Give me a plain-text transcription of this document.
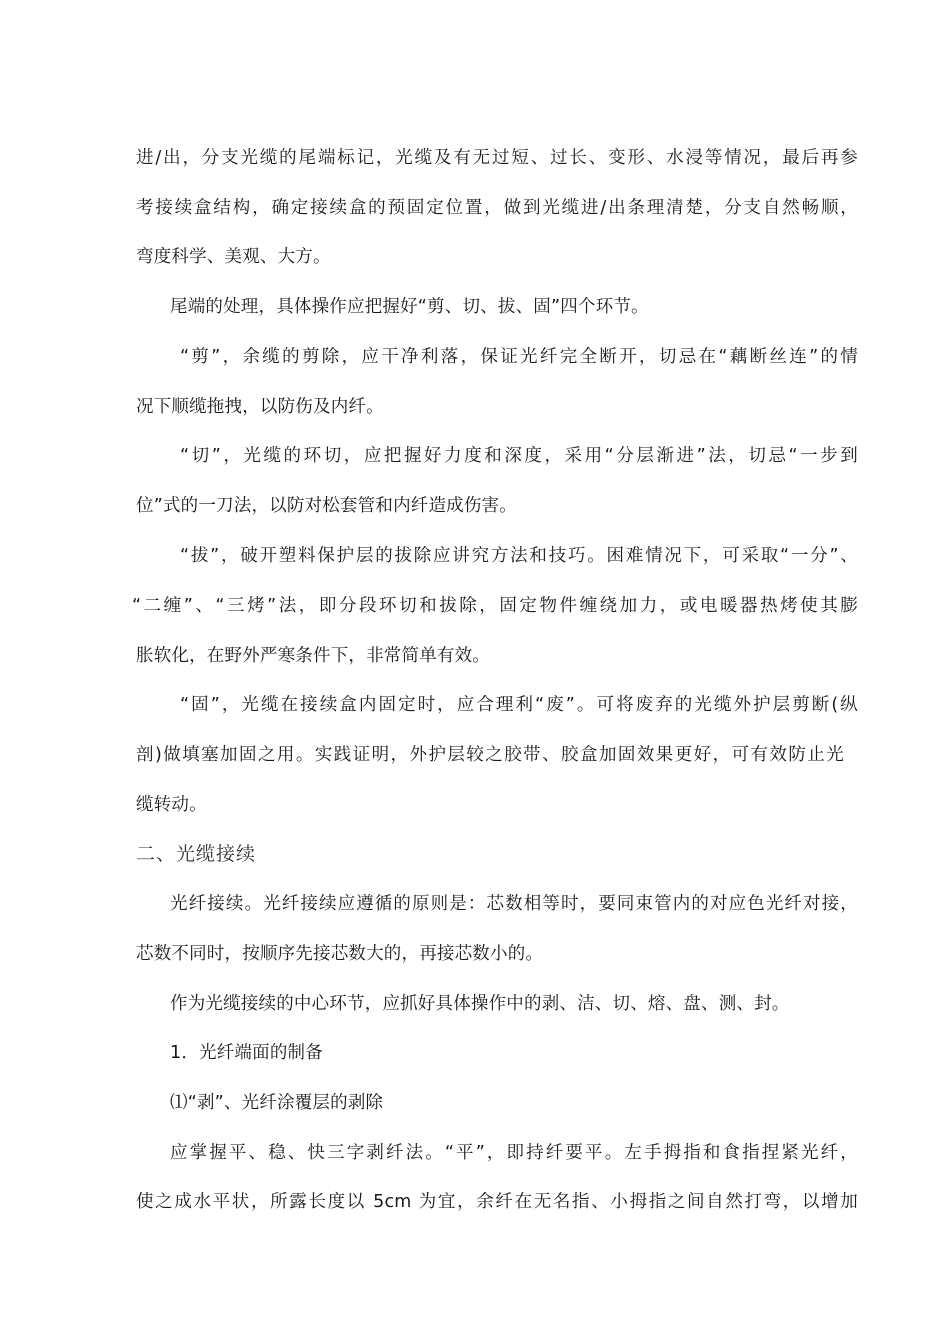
进/出，分支光缆的尾端标记，光缆及有无过短、过长、变形、水浸等情况，最后再参
考接续盒结构，确定接续盒的预固定位置，做到光缆进/出条理清楚，分支自然畅顺，
弯度科学、美观、大方。
尾端的处理，具体操作应把握好“剪、切、拔、固”四个环节。
“剪”，余缆的剪除，应干净利落，保证光纤完全断开，切忌在“藕断丝连”的情
况下顺缆拖拽，以防伤及内纤。
“切”，光缆的环切，应把握好力度和深度，采用“分层渐进”法，切忌“一步到
位”式的一刀法，以防对松套管和内纤造成伤害。
“拔”，破开塑料保护层的拔除应讲究方法和技巧。困难情况下，可采取“一分”、
“二缠”、“三烤”法，即分段环切和拔除，固定物件缠绕加力，或电暖器热烤使其膨
胀软化，在野外严寒条件下，非常简单有效。
“固”，光缆在接续盒内固定时，应合理利“废”。可将废弃的光缆外护层剪断(纵
剖)做填塞加固之用。实践证明，外护层较之胶带、胶盒加固效果更好，可有效防止光
缆转动。
二、光缆接续
光纤接续。光纤接续应遵循的原则是：芯数相等时，要同束管内的对应色光纤对接，
芯数不同时，按顺序先接芯数大的，再接芯数小的。
作为光缆接续的中心环节，应抓好具体操作中的剥、洁、切、熔、盘、测、封。
1．光纤端面的制备
⑴“剥”、光纤涂覆层的剥除
应掌握平、稳、快三字剥纤法。“平”，即持纤要平。左手拇指和食指捏紧光纤，
使之成水平状，所露长度以 5cm 为宜，余纤在无名指、小拇指之间自然打弯，以增加
